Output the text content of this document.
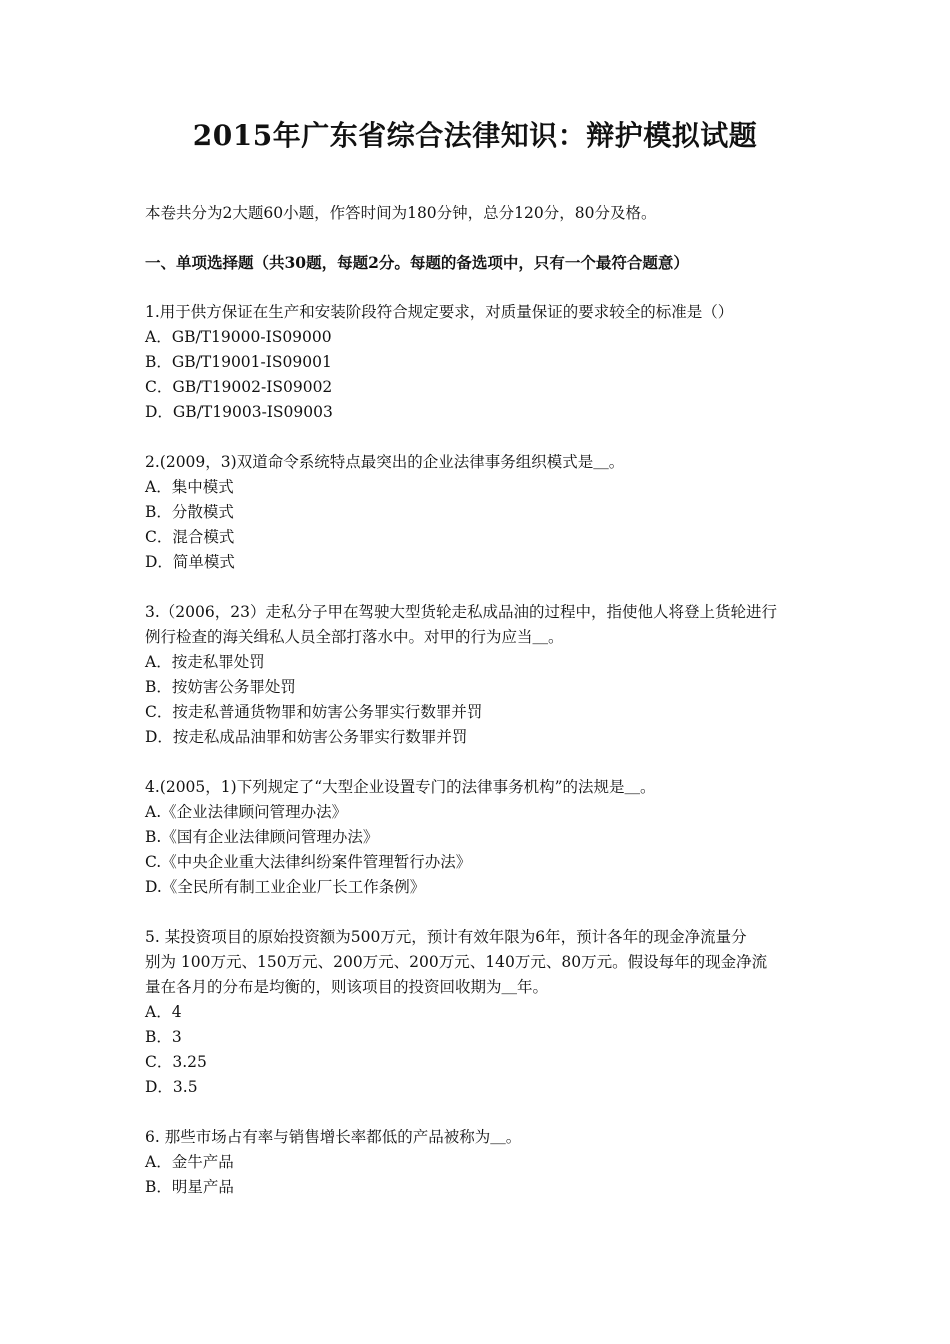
2015年广东省综合法律知识：辩护模拟试题
本卷共分为2大题60小题，作答时间为180分钟，总分120分，80分及格。
一、单项选择题（共30题，每题2分。每题的备选项中，只有一个最符合题意）
1.用于供方保证在生产和安装阶段符合规定要求，对质量保证的要求较全的标准是（）
A．GB/T19000-IS09000
B．GB/T19001-IS09001
C．GB/T19002-IS09002
D．GB/T19003-IS09003
2.(2009，3)双道命令系统特点最突出的企业法律事务组织模式是＿。
A．集中模式
B．分散模式
C．混合模式
D．简单模式
3.（2006，23）走私分子甲在驾驶大型货轮走私成品油的过程中，指使他人将登上货轮进行
例行检查的海关缉私人员全部打落水中。对甲的行为应当＿。
A．按走私罪处罚
B．按妨害公务罪处罚
C．按走私普通货物罪和妨害公务罪实行数罪并罚
D．按走私成品油罪和妨害公务罪实行数罪并罚
4.(2005，1)下列规定了“大型企业设置专门的法律事务机构”的法规是＿。
A.《企业法律顾问管理办法》
B.《国有企业法律顾问管理办法》
C.《中央企业重大法律纠纷案件管理暂行办法》
D.《全民所有制工业企业厂长工作条例》
5. 某投资项目的原始投资额为500万元，预计有效年限为6年，预计各年的现金净流量分
别为 100万元、150万元、200万元、200万元、140万元、80万元。假设每年的现金净流
量在各月的分布是均衡的，则该项目的投资回收期为＿年。
A．4
B．3
C．3.25
D．3.5
6. 那些市场占有率与销售增长率都低的产品被称为＿。
A．金牛产品
B．明星产品
